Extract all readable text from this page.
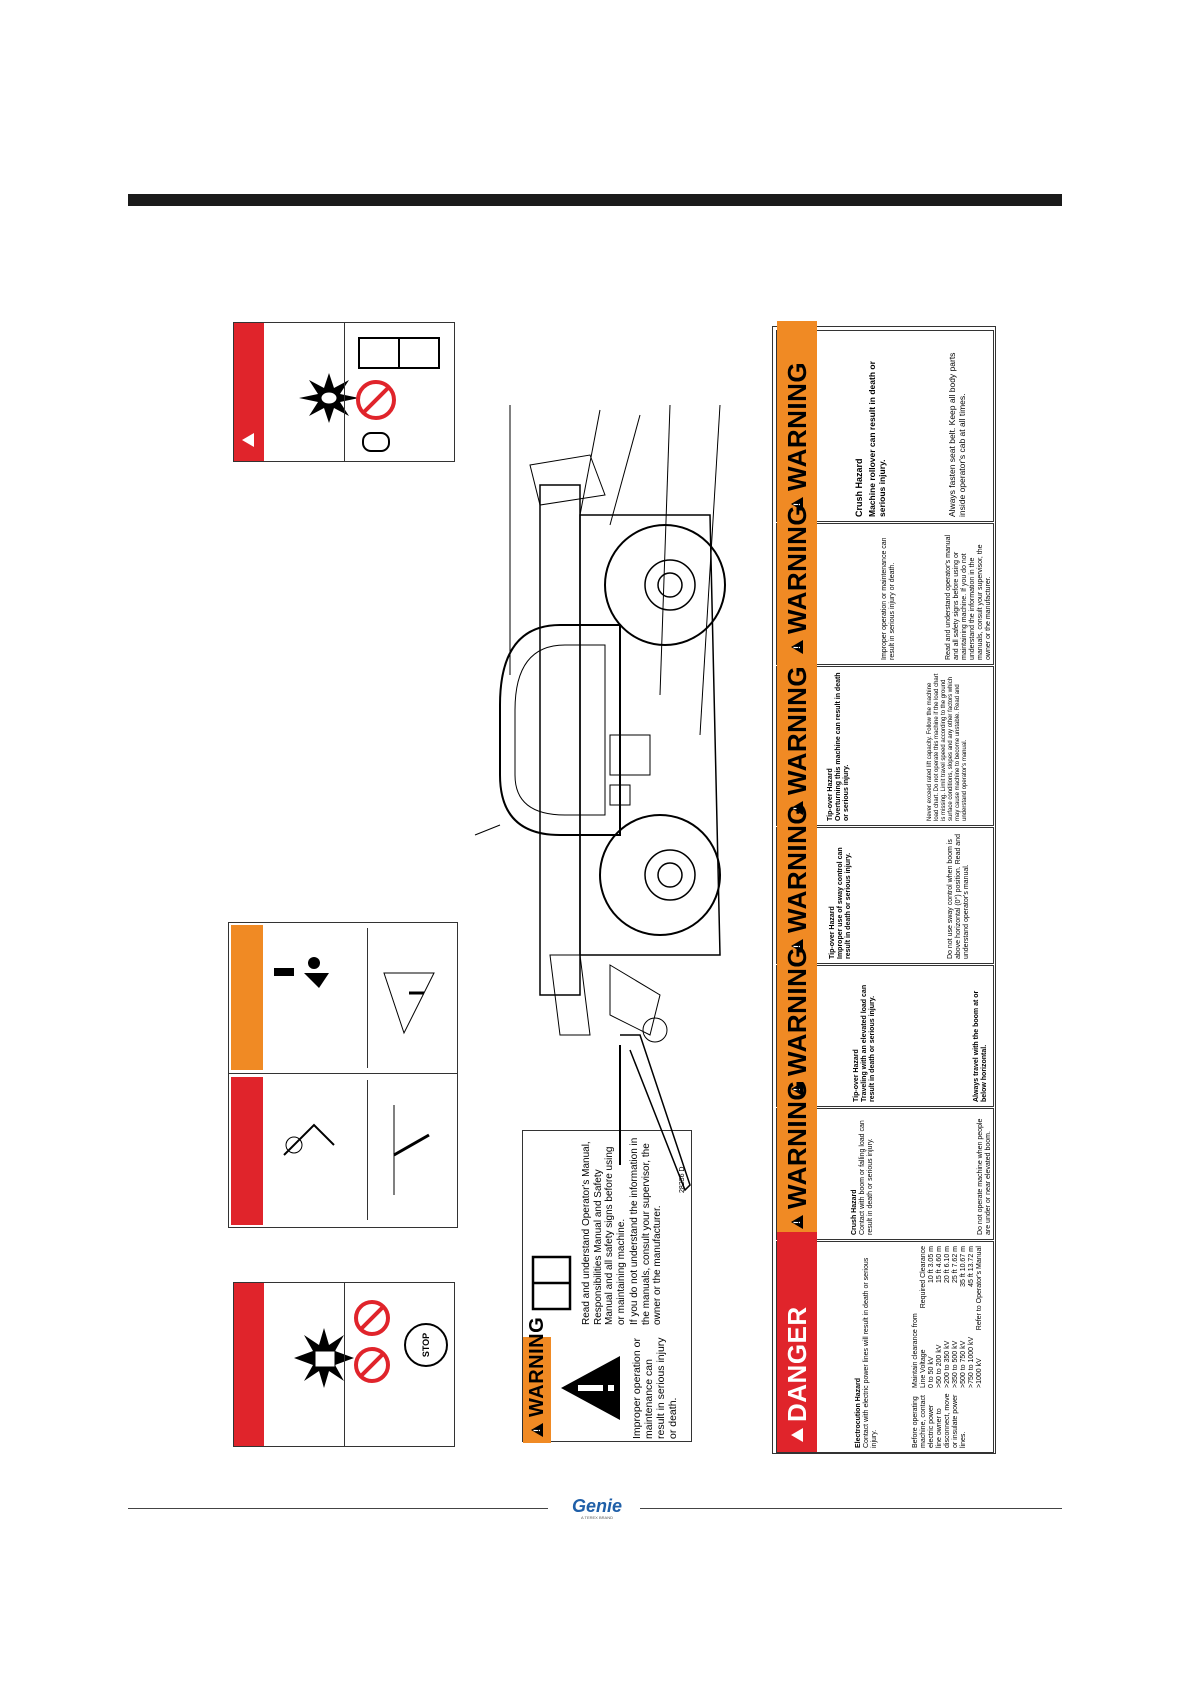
STOP
!	WARNING	Improper operation or maintenance can result in serious injury or death.
Read and understand Operator's Manual, Responsibilities Manual and Safety Manual and all safety signs before using or maintaining machine. If you do not understand the information in the manuals, consult your supervisor, the owner or the manufacturer.
28236 D
!
WARNING	Crush Hazard Machine rollover can result in death or serious injury.	Always fasten seat belt. Keep all body parts inside operator's cab at all times.
!
WARNING	Improper operation or maintenance can result in serious injury or death.	Read and understand operator's manual and all safety signs before using or maintaining machine. If you do not understand the information in the manuals, consult your supervisor, the owner or the manufacturer.
!
WARNING Tip-over Hazard Overturning this machine can result in death or serious injury.	Never exceed rated lift capacity. Follow the machine load chart. Do not operate this machine if the load chart is missing. Limit travel speed according to the ground surface conditions, slopes and any other factors which may cause machine to become unstable. Read and understand operator's manual.
!
WARNING	Tip-over Hazard Improper use of sway control can result in death or serious injury.	Do not use sway control when boom is above horizontal (0°) position. Read and understand operator's manual.
!
WARNING	Tip-over Hazard Traveling with an elevated load can result in death or serious injury.	Always travel with the boom at or below horizontal.
!
WARNING
Crush Hazard Contact with boom or falling load can result in death or serious injury.	Do not operate machine when people are under or near elevated boom.
!
DANGER	Electrocution Hazard Contact with electric power lines will result in death or serious injury.	Before operating machine, contact electric power line owner to disconnect, move or insulate power lines.
Maintain clearance from Line Voltage
Required Clearance
0 to 50 kV
10 ft 3.05 m
>50 to 200 kV
15 ft 4.60 m
>200 to 350 kV
20 ft 6.10 m
>350 to 500 kV
25 ft 7.62 m
>500 to 750 kV
35 ft 10.67 m
>750 to 1000 kV
45 ft 13.72 m
>1000 kV
Refer to Operator's Manual
Genie
A TEREX BRAND
